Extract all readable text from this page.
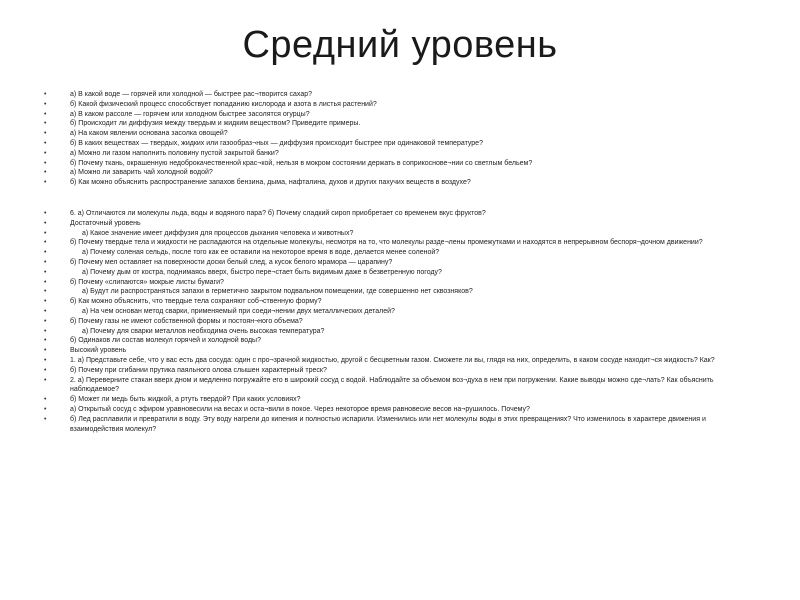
Средний уровень
• а) В какой воде — горячей или холодной — быстрее рас¬творится сахар?
• б) Какой физический процесс способствует попаданию кислорода и азота в листья растений?
• а) В каком рассоле — горячем или холодном быстрее засолятся огурцы?
• б) Происходит ли диффузия между твердым и жидким веществом? Приведите примеры.
• а) На каком явлении основана засолка овощей?
• б) В каких веществах — твердых, жидких или газообраз¬ных — диффузия происходит быстрее при одинаковой температуре?
• а) Можно ли газом наполнить половину пустой закрытой банки?
• б) Почему ткань, окрашенную недоброкачественной крас¬кой, нельзя в мокром состоянии держать в соприкоснове¬нии со светлым бельем?
• а) Можно ли заварить чай холодной водой?
• б) Как можно объяснить распространение запахов бензина, дыма, нафталина, духов и других пахучих веществ в воздухе?
• 6. а) Отличаются ли молекулы льда, воды и водяного пара? б) Почему сладкий сироп приобретает со временем вкус фруктов?
• Достаточный уровень
• а) Какое значение имеет диффузия для процессов дыхания человека и животных?
• б) Почему твердые тела и жидкости не распадаются на отдельные молекулы, несмотря на то, что молекулы разде¬лены промежутками и находятся в непрерывном беспоря¬дочном движении?
• а) Почему соленая сельдь, после того как ее оставили на некоторое время в воде, делается менее соленой?
• б) Почему мел оставляет на поверхности доски белый след, а кусок белого мрамора — царапину?
• а) Почему дым от костра, поднимаясь вверх, быстро пере¬стает быть видимым даже в безветренную погоду?
• б) Почему «слипаются» мокрые листы бумаги?
• а) Будут ли распространяться запахи в герметично закрытом подвальном помещении, где совершенно нет сквозняков?
• б) Как можно объяснить, что твердые тела сохраняют соб¬ственную форму?
• а) На чем основан метод сварки, применяемый при соеди¬нении двух металлических деталей?
• б) Почему газы не имеют собственной формы и постоян¬ного объема?
• а) Почему для сварки металлов необходима очень высокая температура?
• б) Одинаков ли состав молекул горячей и холодной воды?
• Высокий уровень
• 1. а) Представьте себе, что у вас есть два сосуда: один с про¬зрачной жидкостью, другой с бесцветным газом. Сможете ли вы, глядя на них, определить, в каком сосуде находит¬ся жидкость? Как?
• б) Почему при сгибании прутика паяльного олова слышен характерный треск?
• 2. а) Переверните стакан вверх дном и медленно погружайте его в широкий сосуд с водой. Наблюдайте за объемом воз¬духа в нем при погружении. Какие выводы можно сде¬лать? Как объяснить наблюдаемое?
• б) Может ли медь быть жидкой, а ртуть твердой? При каких условиях?
• а) Открытый сосуд с эфиром уравновесили на весах и оста¬вили в покое. Через некоторое время равновесие весов на¬рушилось. Почему?
• б) Лед расплавили и превратили в воду. Эту воду нагрели до кипения и полностью испарили. Изменились или нет молекулы воды в этих превращениях? Что изменилось в характере движения и взаимодействия молекул?
